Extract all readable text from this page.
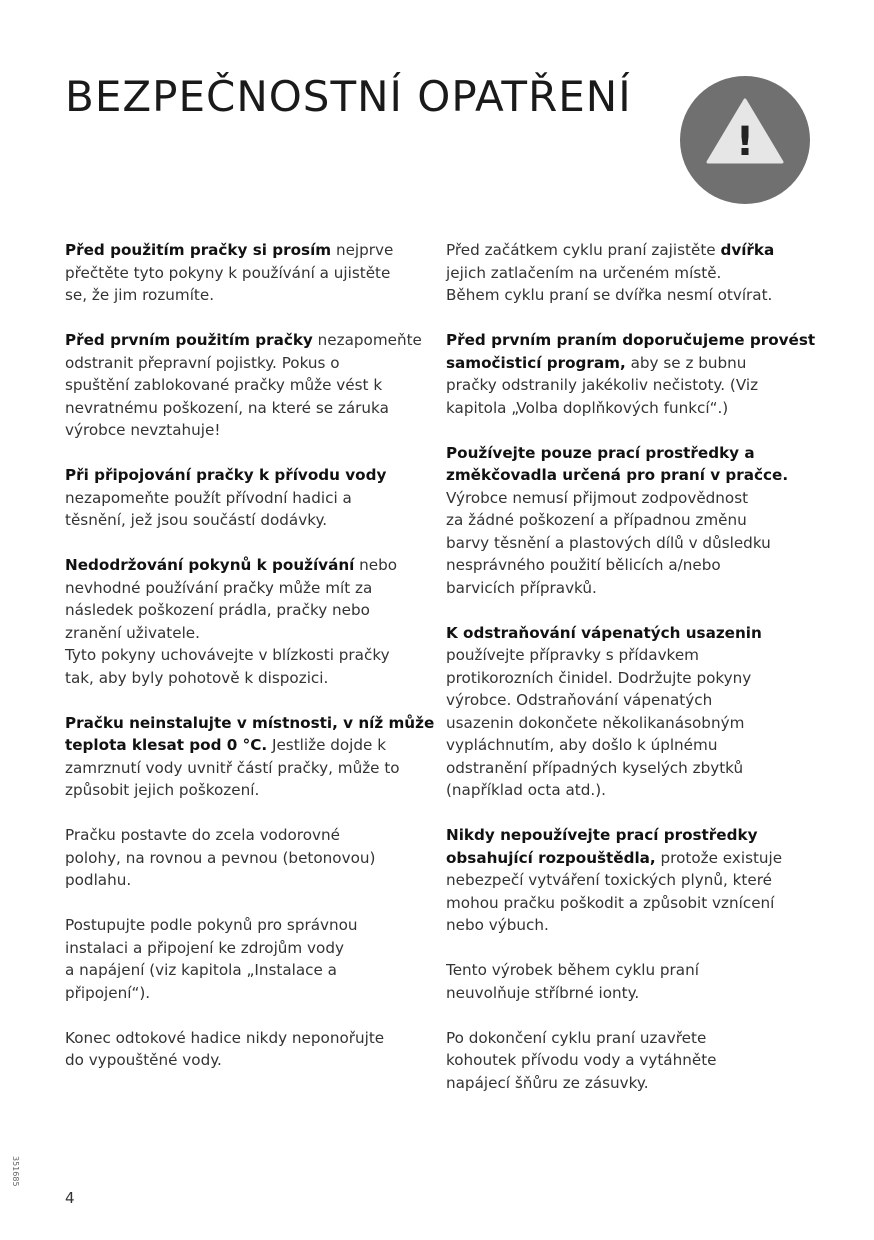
BEZPEČNOSTNÍ OPATŘENÍ
!
Před použitím pračky si prosím nejprve
přečtěte tyto pokyny k používání a ujistěte
se, že jim rozumíte.
Před prvním použitím pračky nezapomeňte
odstranit přepravní pojistky. Pokus o
spuštění zablokované pračky může vést k
nevratnému poškození, na které se záruka
výrobce nevztahuje!
Při připojování pračky k přívodu vody
nezapomeňte použít přívodní hadici a
těsnění, jež jsou součástí dodávky.
Nedodržování pokynů k používání nebo
nevhodné používání pračky může mít za
následek poškození prádla, pračky nebo
zranění uživatele.
Tyto pokyny uchovávejte v blízkosti pračky
tak, aby byly pohotově k dispozici.
Pračku neinstalujte v místnosti, v níž může
teplota klesat pod 0 °C. Jestliže dojde k
zamrznutí vody uvnitř částí pračky, může to
způsobit jejich poškození.
Pračku postavte do zcela vodorovné
polohy, na rovnou a pevnou (betonovou)
podlahu.
Postupujte podle pokynů pro správnou
instalaci a připojení ke zdrojům vody
a napájení (viz kapitola „Instalace a
připojení“).
Konec odtokové hadice nikdy neponořujte
do vypouštěné vody.
Před začátkem cyklu praní zajistěte dvířka
jejich zatlačením na určeném místě.
Během cyklu praní se dvířka nesmí otvírat.
Před prvním praním doporučujeme provést
samočisticí program, aby se z bubnu
pračky odstranily jakékoliv nečistoty. (Viz
kapitola „Volba doplňkových funkcí“.)
Používejte pouze prací prostředky a
změkčovadla určená pro praní v pračce.
Výrobce nemusí přijmout zodpovědnost
za žádné poškození a případnou změnu
barvy těsnění a plastových dílů v důsledku
nesprávného použití bělicích a/nebo
barvicích přípravků.
K odstraňování vápenatých usazenin
používejte přípravky s přídavkem
protikorozních činidel. Dodržujte pokyny
výrobce. Odstraňování vápenatých
usazenin dokončete několikanásobným
vypláchnutím, aby došlo k úplnému
odstranění případných kyselých zbytků
(například octa atd.).
Nikdy nepoužívejte prací prostředky
obsahující rozpouštědla, protože existuje
nebezpečí vytváření toxických plynů, které
mohou pračku poškodit a způsobit vznícení
nebo výbuch.
Tento výrobek během cyklu praní
neuvolňuje stříbrné ionty.
Po dokončení cyklu praní uzavřete
kohoutek přívodu vody a vytáhněte
napájecí šňůru ze zásuvky.
351685
4
